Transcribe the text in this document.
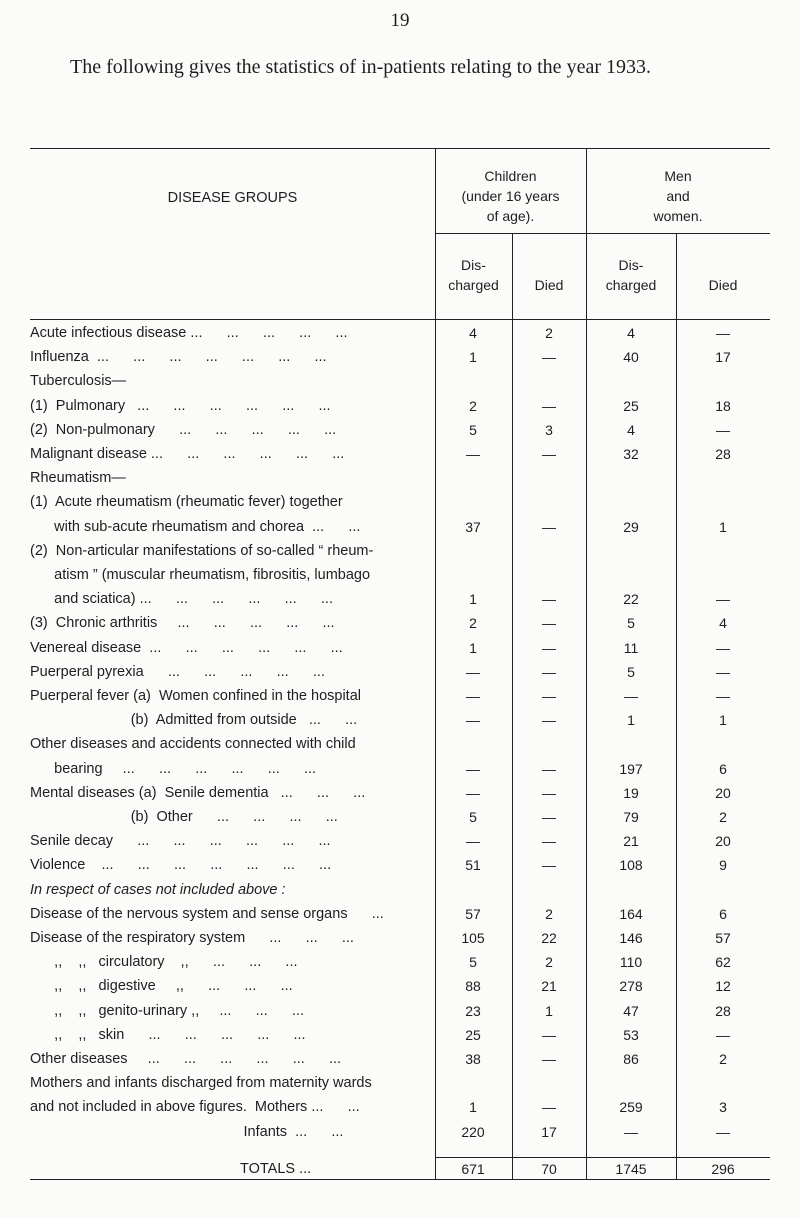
19
The following gives the statistics of in-patients relating to the year 1933.
DISEASE GROUPS
Children
(under 16 years
of age).
Men
and
women.
Dis-
charged	Died
Dis-
charged	Died
Acute infectious disease ...      ...      ...      ...      ...	4	2	4	—
Influenza  ...      ...      ...      ...      ...      ...      ...	1	—	40	17
Tuberculosis—
(1)  Pulmonary   ...      ...      ...      ...      ...      ...	2	—	25	18
(2)  Non-pulmonary      ...      ...      ...      ...      ...	5	3	4	—
Malignant disease ...      ...      ...      ...      ...      ...	—	—	32	28
Rheumatism—
(1)  Acute rheumatism (rheumatic fever) together
with sub-acute rheumatism and chorea  ...      ...	37	—	29	1
(2)  Non-articular manifestations of so-called “ rheum-
atism ” (muscular rheumatism, fibrositis, lumbago
and sciatica) ...      ...      ...      ...      ...      ...	1	—	22	—
(3)  Chronic arthritis     ...      ...      ...      ...      ...	2	—	5	4
Venereal disease  ...      ...      ...      ...      ...      ...	1	—	11	—
Puerperal pyrexia      ...      ...      ...      ...      ...	—	—	5	—
Puerperal fever (a)  Women confined in the hospital	—	—	—	—
(b)  Admitted from outside   ...      ...	—	—	1	1
Other diseases and accidents connected with child
bearing     ...      ...      ...      ...      ...      ...	—	—	197	6
Mental diseases (a)  Senile dementia   ...      ...      ...	—	—	19	20
(b)  Other      ...      ...      ...      ...	5	—	79	2
Senile decay      ...      ...      ...      ...      ...      ...	—	—	21	20
Violence    ...      ...      ...      ...      ...      ...      ...	51	—	108	9
In respect of cases not included above :
Disease of the nervous system and sense organs      ...	57	2	164	6
Disease of the respiratory system      ...      ...      ...	105	22	146	57
,,    ,,   circulatory    ,,      ...      ...      ...	5	2	110	62
,,    ,,   digestive     ,,      ...      ...      ...	88	21	278	12
,,    ,,   genito-urinary ,,     ...      ...      ...	23	1	47	28
,,    ,,   skin      ...      ...      ...      ...      ...	25	—	53	—
Other diseases     ...      ...      ...      ...      ...      ...	38	—	86	2
Mothers and infants discharged from maternity wards
and not included in above figures.  Mothers ...      ...	1	—	259	3
Infants  ...      ...	220	17	—	—
TOTALS ...	671	70	1745	296
